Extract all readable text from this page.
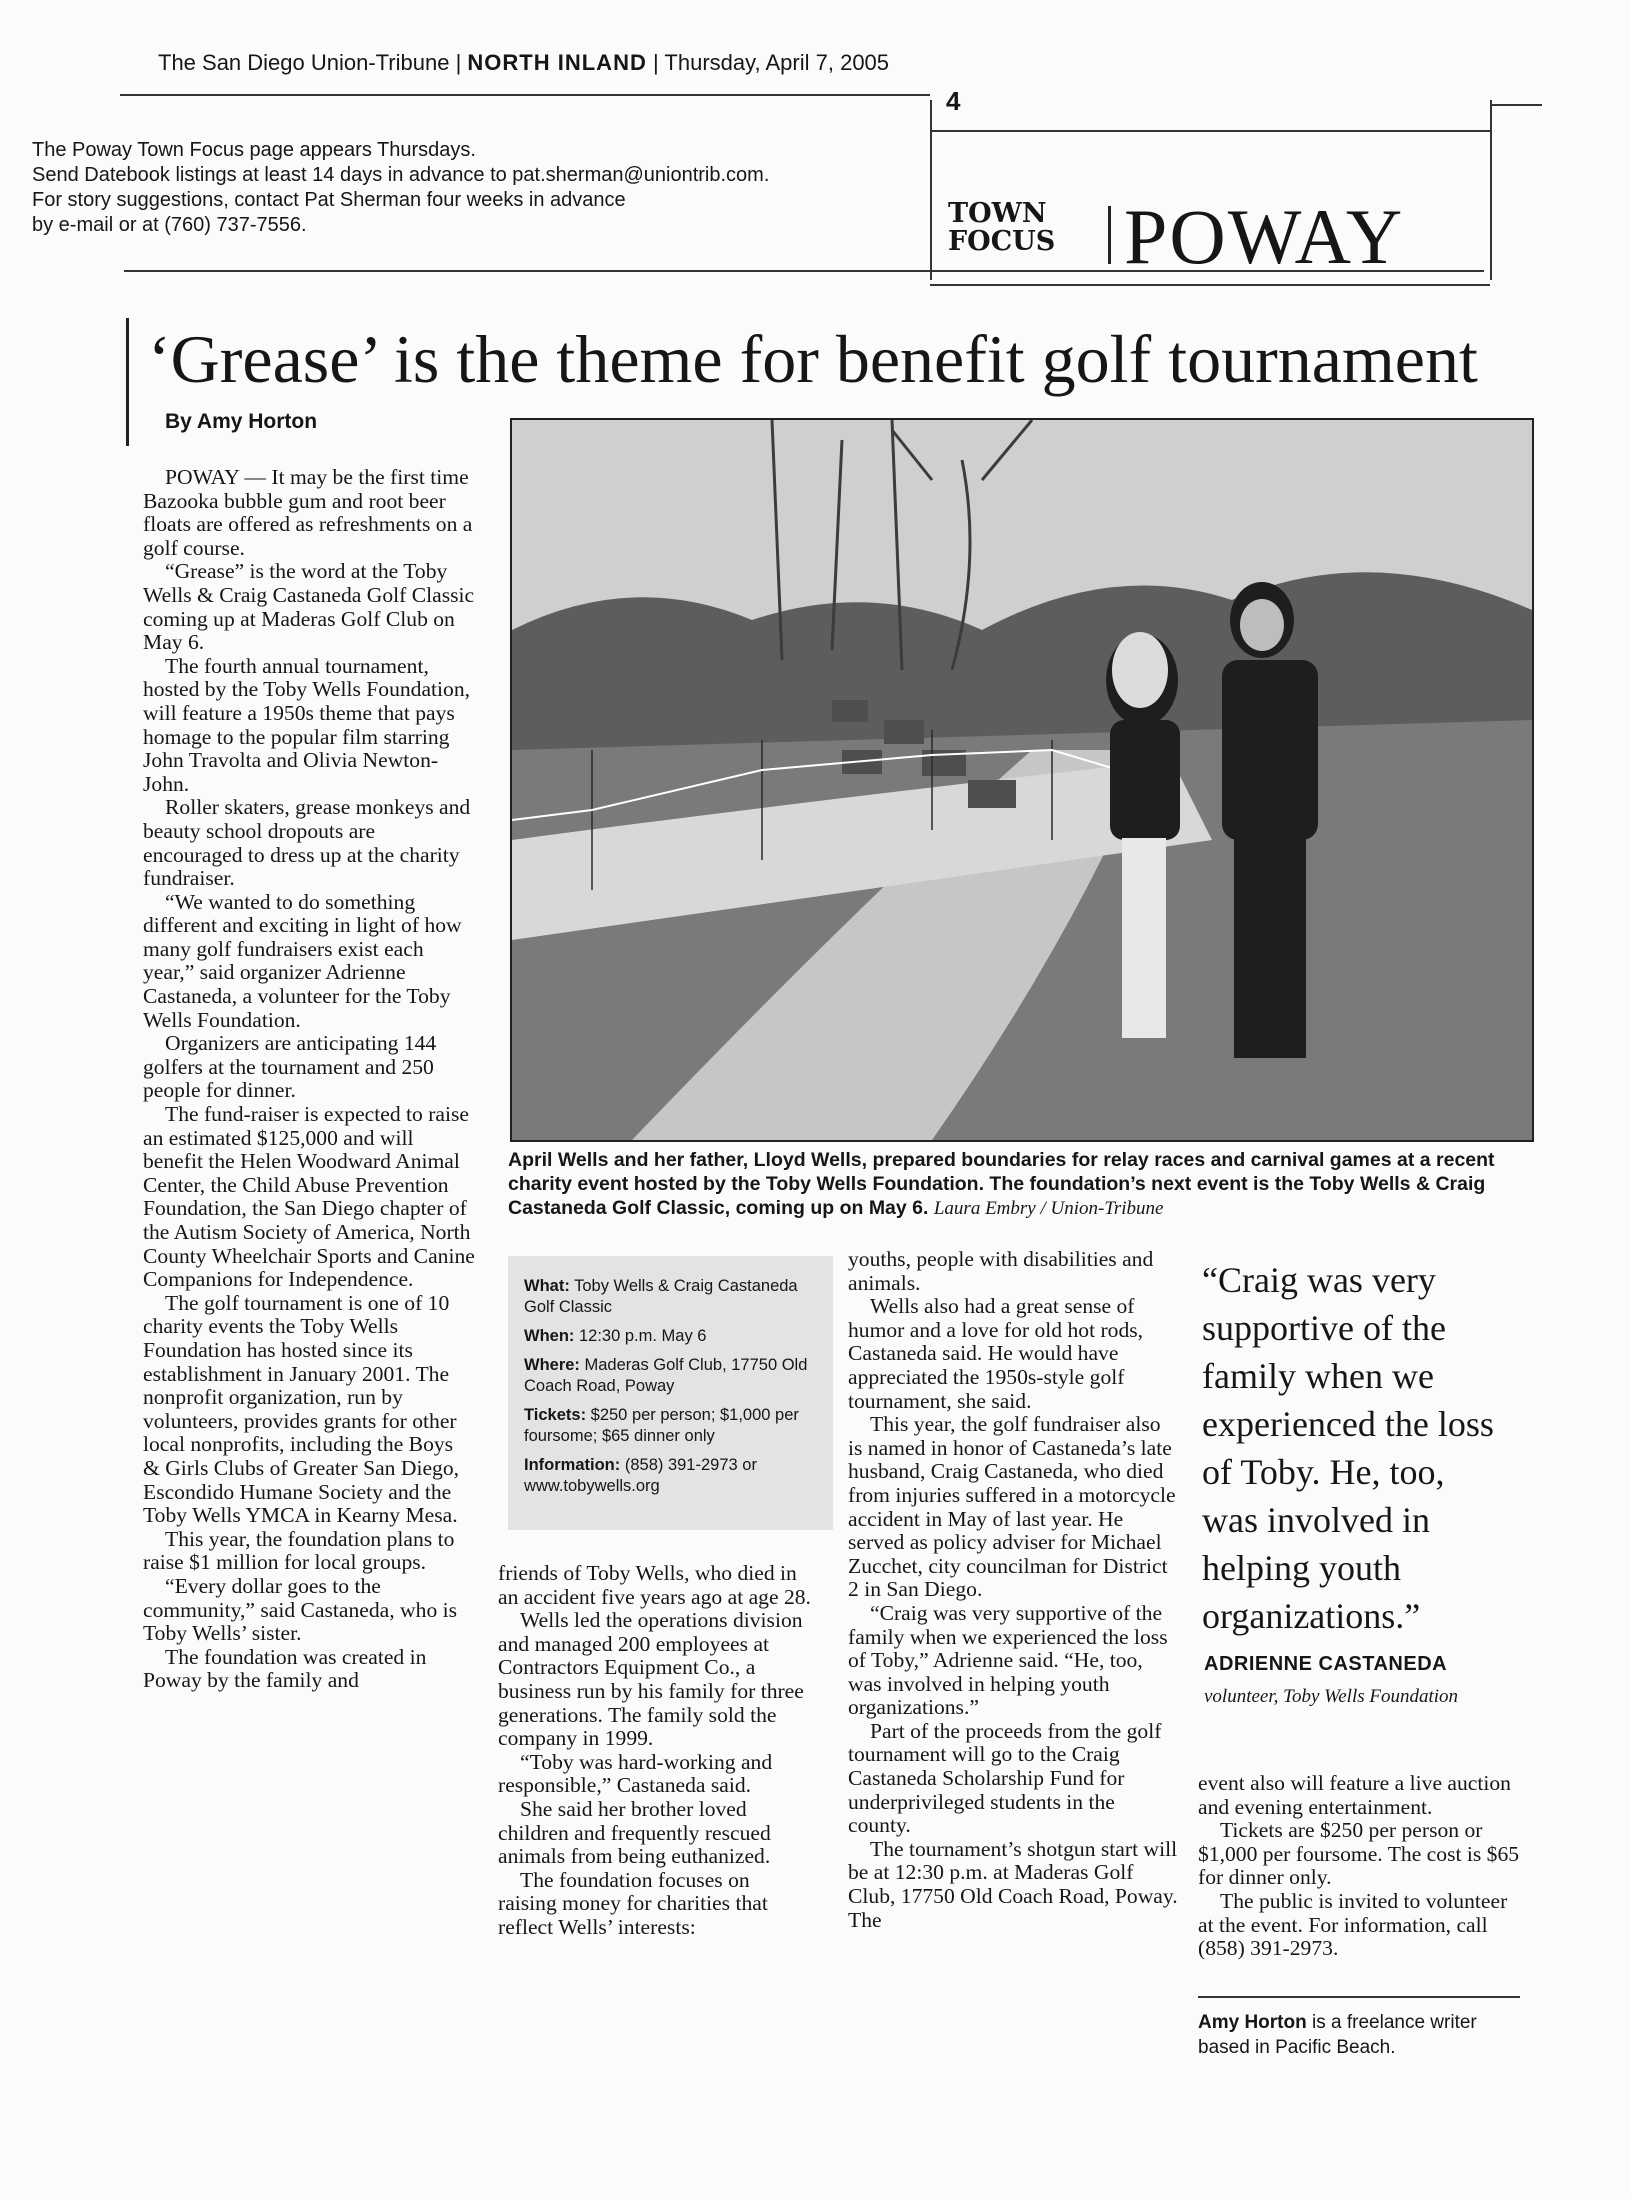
The San Diego Union-Tribune | NORTH INLAND | Thursday, April 7, 2005
4
The Poway Town Focus page appears Thursdays.
Send Datebook listings at least 14 days in advance to pat.sherman@uniontrib.com.
For story suggestions, contact Pat Sherman four weeks in advance
by e-mail or at (760) 737-7556.	TOWN
FOCUS POWAY
‘Grease’ is the theme for benefit golf tournament
By Amy Horton

POWAY — It may be the first time Bazooka bubble gum and root beer floats are offered as refreshments on a golf course.

“Grease” is the word at the Toby Wells & Craig Castaneda Golf Classic coming up at Maderas Golf Club on May 6.

The fourth annual tournament, hosted by the Toby Wells Foundation, will feature a 1950s theme that pays homage to the popular film starring John Travolta and Olivia Newton-John.

Roller skaters, grease monkeys and beauty school dropouts are encouraged to dress up at the charity fundraiser.

“We wanted to do something different and exciting in light of how many golf fundraisers exist each year,” said organizer Adrienne Castaneda, a volunteer for the Toby Wells Foundation.

Organizers are anticipating 144 golfers at the tournament and 250 people for dinner.

The fund-raiser is expected to raise an estimated $125,000 and will benefit the Helen Woodward Animal Center, the Child Abuse Prevention Foundation, the San Diego chapter of the Autism Society of America, North County Wheelchair Sports and Canine Companions for Independence.

The golf tournament is one of 10 charity events the Toby Wells Foundation has hosted since its establishment in January 2001. The nonprofit organization, run by volunteers, provides grants for other local nonprofits, including the Boys & Girls Clubs of Greater San Diego, Escondido Humane Society and the Toby Wells YMCA in Kearny Mesa.

This year, the foundation plans to raise $1 million for local groups.

“Every dollar goes to the community,” said Castaneda, who is Toby Wells’ sister.

The foundation was created in Poway by the family and

April Wells and her father, Lloyd Wells, prepared boundaries for relay races and carnival games at a recent charity event hosted by the Toby Wells Foundation. The foundation’s next event is the Toby Wells & Craig Castaneda Golf Classic, coming up on May 6. Laura Embry / Union-Tribune
What: Toby Wells & Craig Castaneda Golf Classic
When: 12:30 p.m. May 6
Where: Maderas Golf Club, 17750 Old Coach Road, Poway
Tickets: $250 per person; $1,000 per foursome; $65 dinner only
Information: (858) 391-2973 or www.tobywells.org

friends of Toby Wells, who died in an accident five years ago at age 28.

Wells led the operations division and managed 200 employees at Contractors Equipment Co., a business run by his family for three generations. The family sold the company in 1999.

“Toby was hard-working and responsible,” Castaneda said.

She said her brother loved children and frequently rescued animals from being euthanized.

The foundation focuses on raising money for charities that reflect Wells’ interests:

youths, people with disabilities and animals.

Wells also had a great sense of humor and a love for old hot rods, Castaneda said. He would have appreciated the 1950s-style golf tournament, she said.

This year, the golf fundraiser also is named in honor of Castaneda’s late husband, Craig Castaneda, who died from injuries suffered in a motorcycle accident in May of last year. He served as policy adviser for Michael Zucchet, city councilman for District 2 in San Diego.

“Craig was very supportive of the family when we experienced the loss of Toby,” Adrienne said. “He, too, was involved in helping youth organizations.”

Part of the proceeds from the golf tournament will go to the Craig Castaneda Scholarship Fund for underprivileged students in the county.

The tournament’s shotgun start will be at 12:30 p.m. at Maderas Golf Club, 17750 Old Coach Road, Poway. The

“Craig was very
supportive of the
family when we
experienced the loss
of Toby. He, too,
was involved in
helping youth
organizations.”
ADRIENNE CASTANEDA
volunteer, Toby Wells Foundation

event also will feature a live auction and evening entertainment.

Tickets are $250 per person or $1,000 per foursome. The cost is $65 for dinner only.

The public is invited to volunteer at the event. For information, call (858) 391-2973.

Amy Horton is a freelance writer based in Pacific Beach.
